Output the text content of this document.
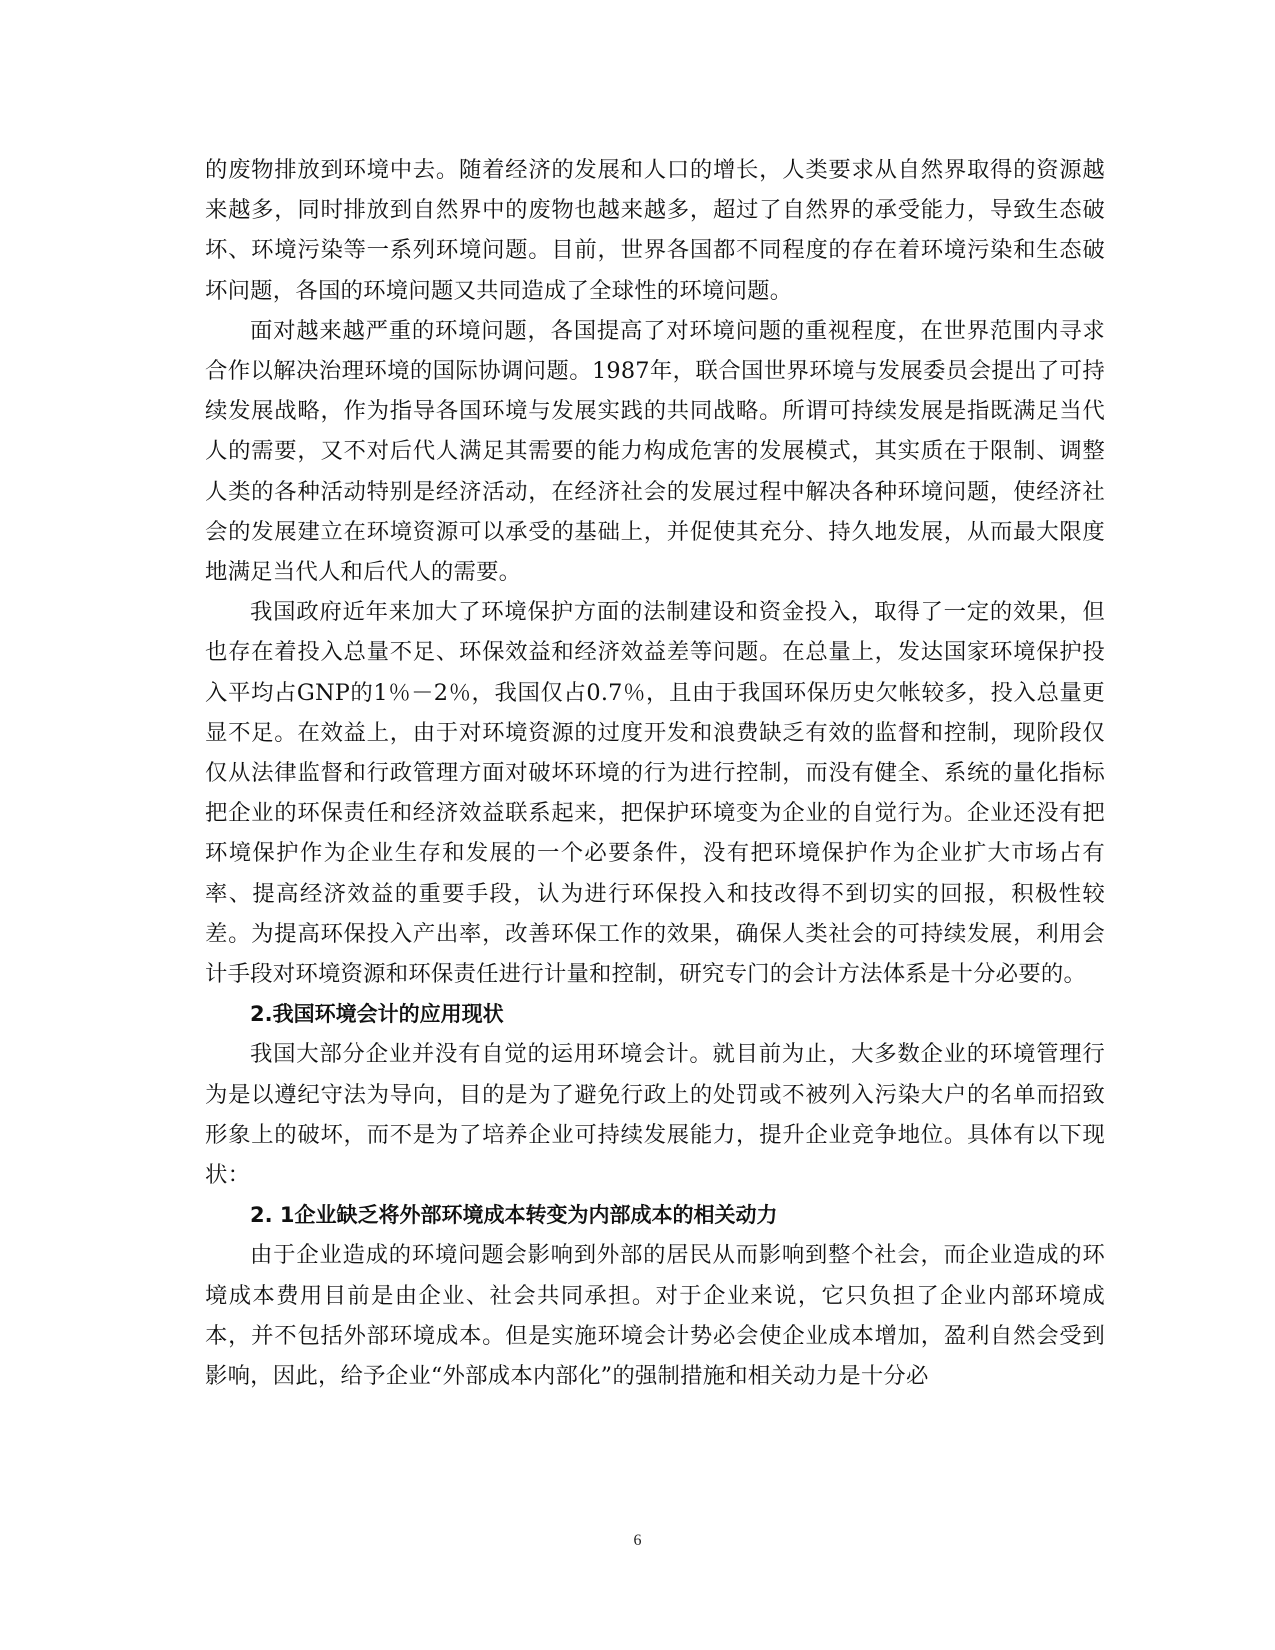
的废物排放到环境中去。随着经济的发展和人口的增长，人类要求从自然界取得的资源越来越多，同时排放到自然界中的废物也越来越多，超过了自然界的承受能力，导致生态破坏、环境污染等一系列环境问题。目前，世界各国都不同程度的存在着环境污染和生态破坏问题，各国的环境问题又共同造成了全球性的环境问题。

面对越来越严重的环境问题，各国提高了对环境问题的重视程度，在世界范围内寻求合作以解决治理环境的国际协调问题。1987年，联合国世界环境与发展委员会提出了可持续发展战略，作为指导各国环境与发展实践的共同战略。所谓可持续发展是指既满足当代人的需要，又不对后代人满足其需要的能力构成危害的发展模式，其实质在于限制、调整人类的各种活动特别是经济活动，在经济社会的发展过程中解决各种环境问题，使经济社会的发展建立在环境资源可以承受的基础上，并促使其充分、持久地发展，从而最大限度地满足当代人和后代人的需要。

我国政府近年来加大了环境保护方面的法制建设和资金投入，取得了一定的效果，但也存在着投入总量不足、环保效益和经济效益差等问题。在总量上，发达国家环境保护投入平均占GNP的1％－2％，我国仅占0.7％，且由于我国环保历史欠帐较多，投入总量更显不足。在效益上，由于对环境资源的过度开发和浪费缺乏有效的监督和控制，现阶段仅仅从法律监督和行政管理方面对破坏环境的行为进行控制，而没有健全、系统的量化指标把企业的环保责任和经济效益联系起来，把保护环境变为企业的自觉行为。企业还没有把环境保护作为企业生存和发展的一个必要条件，没有把环境保护作为企业扩大市场占有率、提高经济效益的重要手段，认为进行环保投入和技改得不到切实的回报，积极性较差。为提高环保投入产出率，改善环保工作的效果，确保人类社会的可持续发展，利用会计手段对环境资源和环保责任进行计量和控制，研究专门的会计方法体系是十分必要的。

2.我国环境会计的应用现状

我国大部分企业并没有自觉的运用环境会计。就目前为止，大多数企业的环境管理行为是以遵纪守法为导向，目的是为了避免行政上的处罚或不被列入污染大户的名单而招致形象上的破坏，而不是为了培养企业可持续发展能力，提升企业竞争地位。具体有以下现状：

2. 1企业缺乏将外部环境成本转变为内部成本的相关动力

由于企业造成的环境问题会影响到外部的居民从而影响到整个社会，而企业造成的环境成本费用目前是由企业、社会共同承担。对于企业来说，它只负担了企业内部环境成本，并不包括外部环境成本。但是实施环境会计势必会使企业成本增加，盈利自然会受到影响，因此，给予企业“外部成本内部化”的强制措施和相关动力是十分必

6
